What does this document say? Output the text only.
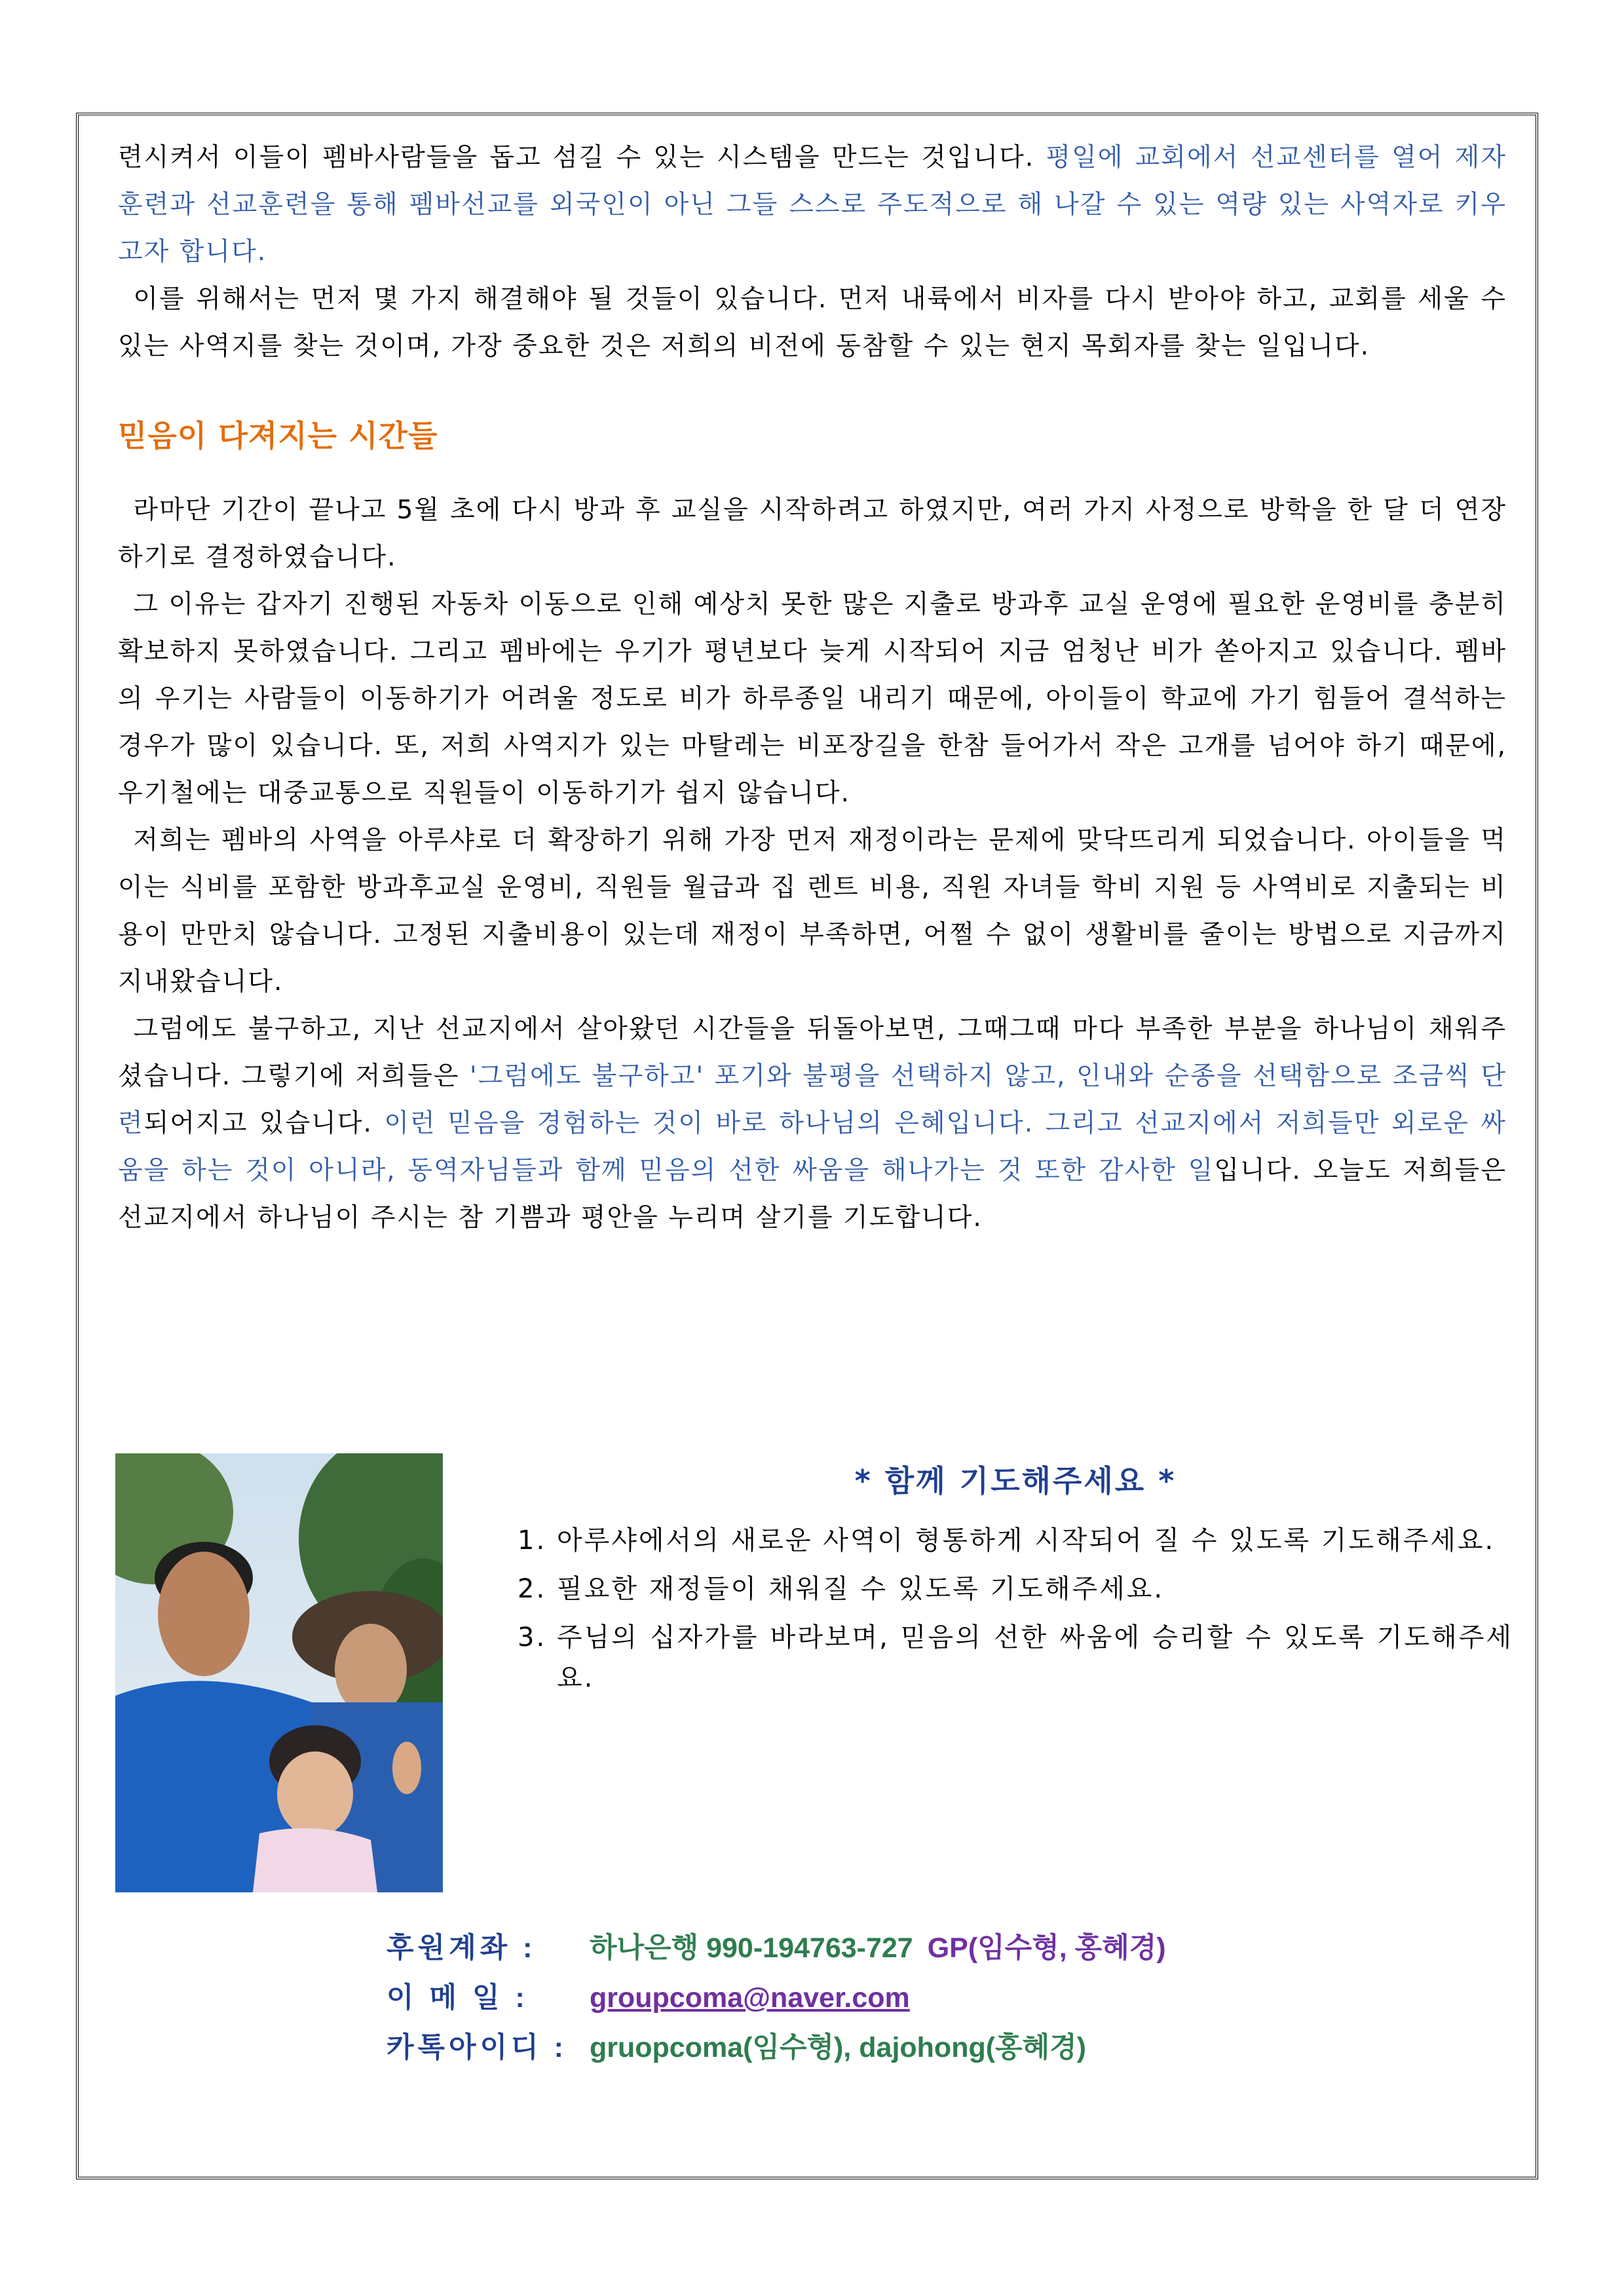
련시켜서 이들이 펨바사람들을 돕고 섬길 수 있는 시스템을 만드는 것입니다. 평일에 교회에서 선교센터를 열어 제자훈련과 선교훈련을 통해 펨바선교를 외국인이 아닌 그들 스스로 주도적으로 해 나갈 수 있는 역량 있는 사역자로 키우고자 합니다.

이를 위해서는 먼저 몇 가지 해결해야 될 것들이 있습니다. 먼저 내륙에서 비자를 다시 받아야 하고, 교회를 세울 수 있는 사역지를 찾는 것이며, 가장 중요한 것은 저희의 비전에 동참할 수 있는 현지 목회자를 찾는 일입니다.

믿음이 다져지는 시간들

라마단 기간이 끝나고 5월 초에 다시 방과 후 교실을 시작하려고 하였지만, 여러 가지 사정으로 방학을 한 달 더 연장하기로 결정하였습니다.

그 이유는 갑자기 진행된 자동차 이동으로 인해 예상치 못한 많은 지출로 방과후 교실 운영에 필요한 운영비를 충분히 확보하지 못하였습니다. 그리고 펨바에는 우기가 평년보다 늦게 시작되어 지금 엄청난 비가 쏟아지고 있습니다. 펨바의 우기는 사람들이 이동하기가 어려울 정도로 비가 하루종일 내리기 때문에, 아이들이 학교에 가기 힘들어 결석하는 경우가 많이 있습니다. 또, 저희 사역지가 있는 마탈레는 비포장길을 한참 들어가서 작은 고개를 넘어야 하기 때문에, 우기철에는 대중교통으로 직원들이 이동하기가 쉽지 않습니다.

저희는 펨바의 사역을 아루샤로 더 확장하기 위해 가장 먼저 재정이라는 문제에 맞닥뜨리게 되었습니다. 아이들을 먹이는 식비를 포함한 방과후교실 운영비, 직원들 월급과 집 렌트 비용, 직원 자녀들 학비 지원 등 사역비로 지출되는 비용이 만만치 않습니다. 고정된 지출비용이 있는데 재정이 부족하면, 어쩔 수 없이 생활비를 줄이는 방법으로 지금까지 지내왔습니다.

그럼에도 불구하고, 지난 선교지에서 살아왔던 시간들을 뒤돌아보면, 그때그때 마다 부족한 부분을 하나님이 채워주셨습니다. 그렇기에 저희들은 '그럼에도 불구하고' 포기와 불평을 선택하지 않고, 인내와 순종을 선택함으로 조금씩 단련되어지고 있습니다. 이런 믿음을 경험하는 것이 바로 하나님의 은혜입니다. 그리고 선교지에서 저희들만 외로운 싸움을 하는 것이 아니라, 동역자님들과 함께 믿음의 선한 싸움을 해나가는 것 또한 감사한 일입니다. 오늘도 저희들은 선교지에서 하나님이 주시는 참 기쁨과 평안을 누리며 살기를 기도합니다.

* 함께 기도해주세요 *
1. 아루샤에서의 새로운 사역이 형통하게 시작되어 질 수 있도록 기도해주세요.
2. 필요한 재정들이 채워질 수 있도록 기도해주세요.
3. 주님의 십자가를 바라보며, 믿음의 선한 싸움에 승리할 수 있도록 기도해주세요.
후원계좌 :	하나은행 990-194763-727 GP(임수형, 홍혜경)
이 메 일 :	groupcoma@naver.com
카톡아이디 : gruopcoma(임수형), dajohong(홍혜경)
